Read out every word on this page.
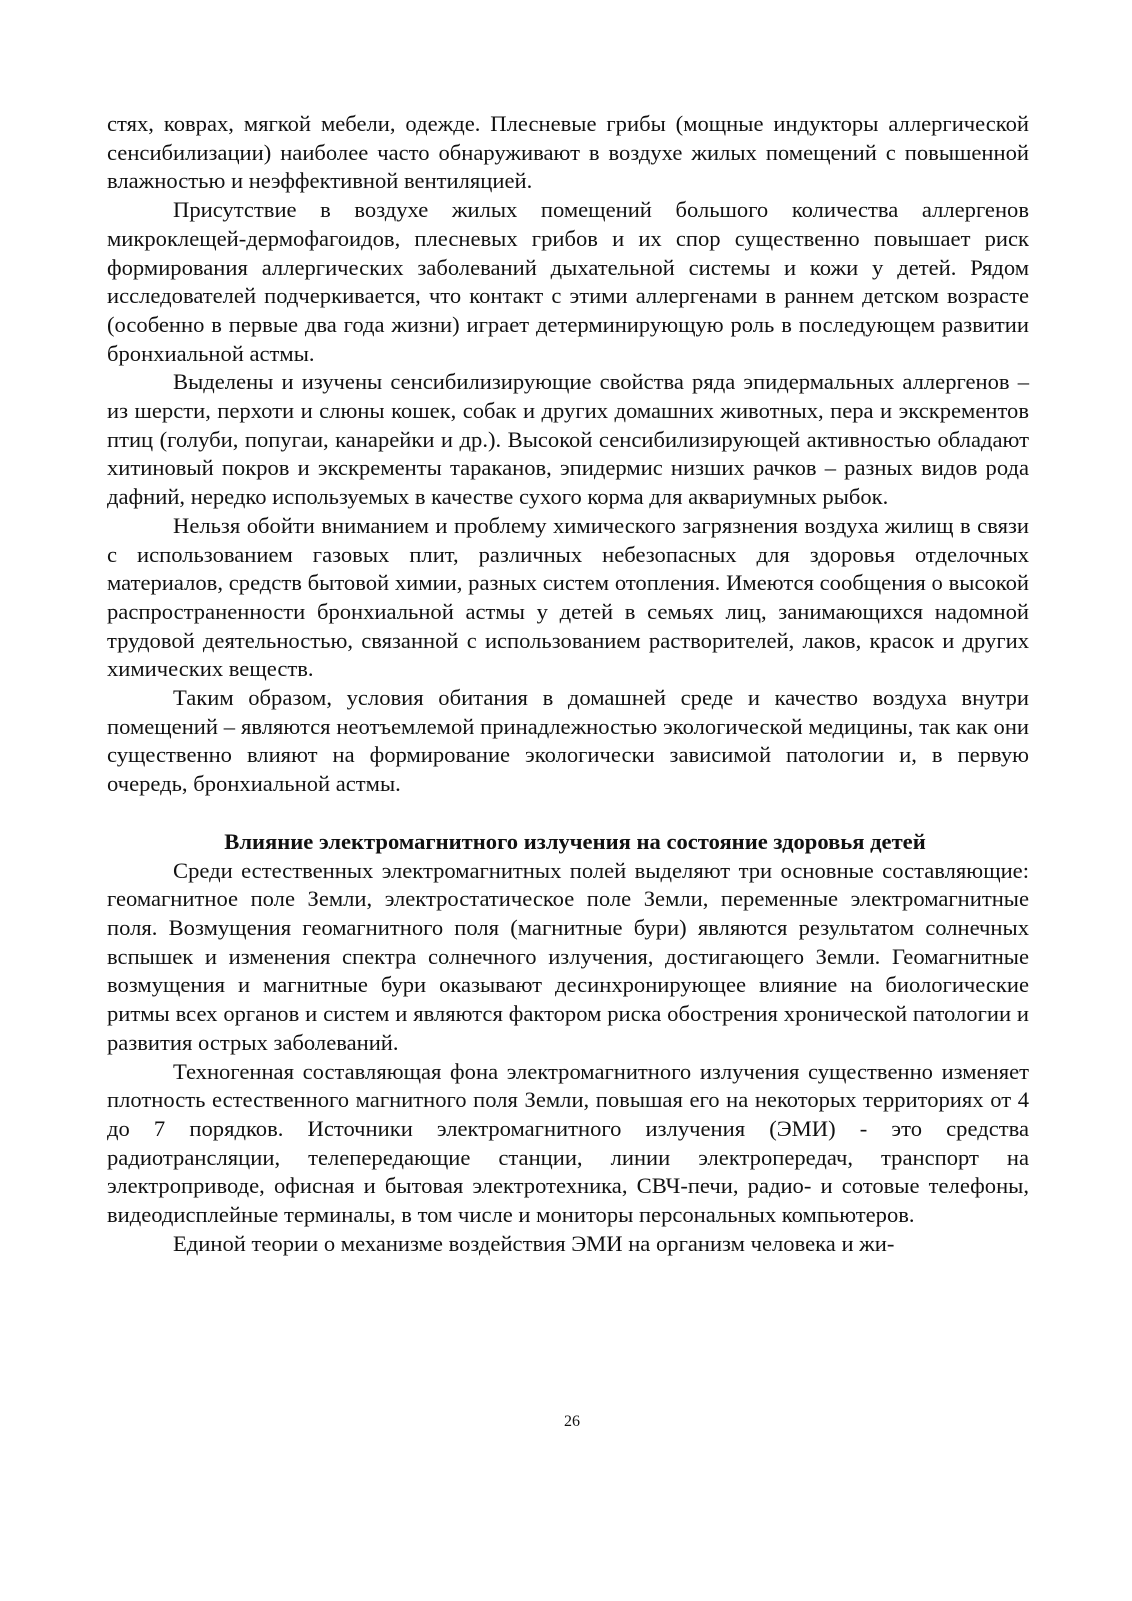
стях, коврах, мягкой мебели, одежде. Плесневые грибы (мощные индукторы аллергической сенсибилизации) наиболее часто обнаруживают в воздухе жилых помещений с повышенной влажностью и неэффективной вентиляцией.

Присутствие в воздухе жилых помещений большого количества аллергенов микроклещей-дермофагоидов, плесневых грибов и их спор существенно повышает риск формирования аллергических заболеваний дыхательной системы и кожи у детей. Рядом исследователей подчеркивается, что контакт с этими аллергенами в раннем детском возрасте (особенно в первые два года жизни) играет детерминирующую роль в последующем развитии бронхиальной астмы.

Выделены и изучены сенсибилизирующие свойства ряда эпидермальных аллергенов – из шерсти, перхоти и слюны кошек, собак и других домашних животных, пера и экскрементов птиц (голуби, попугаи, канарейки и др.). Высокой сенсибилизирующей активностью обладают хитиновый покров и экскременты тараканов, эпидермис низших рачков – разных видов рода дафний, нередко используемых в качестве сухого корма для аквариумных рыбок.

Нельзя обойти вниманием и проблему химического загрязнения воздуха жилищ в связи с использованием газовых плит, различных небезопасных для здоровья отделочных материалов, средств бытовой химии, разных систем отопления. Имеются сообщения о высокой распространенности бронхиальной астмы у детей в семьях лиц, занимающихся надомной трудовой деятельностью, связанной с использованием растворителей, лаков, красок и других химических веществ.

Таким образом, условия обитания в домашней среде и качество воздуха внутри помещений – являются неотъемлемой принадлежностью экологической медицины, так как они существенно влияют на формирование экологически зависимой патологии и, в первую очередь, бронхиальной астмы.

Влияние электромагнитного излучения на состояние здоровья детей

Среди естественных электромагнитных полей выделяют три основные составляющие: геомагнитное поле Земли, электростатическое поле Земли, переменные электромагнитные поля. Возмущения геомагнитного поля (магнитные бури) являются результатом солнечных вспышек и изменения спектра солнечного излучения, достигающего Земли. Геомагнитные возмущения и магнитные бури оказывают десинхронирующее влияние на биологические ритмы всех органов и систем и являются фактором риска обострения хронической патологии и развития острых заболеваний.

Техногенная составляющая фона электромагнитного излучения существенно изменяет плотность естественного магнитного поля Земли, повышая его на некоторых территориях от 4 до 7 порядков. Источники электромагнитного излучения (ЭМИ) - это средства радиотрансляции, телепередающие станции, линии электропередач, транспорт на электроприводе, офисная и бытовая электротехника, СВЧ-печи, радио- и сотовые телефоны, видеодисплейные терминалы, в том числе и мониторы персональных компьютеров.

Единой теории о механизме воздействия ЭМИ на организм человека и жи-

26
